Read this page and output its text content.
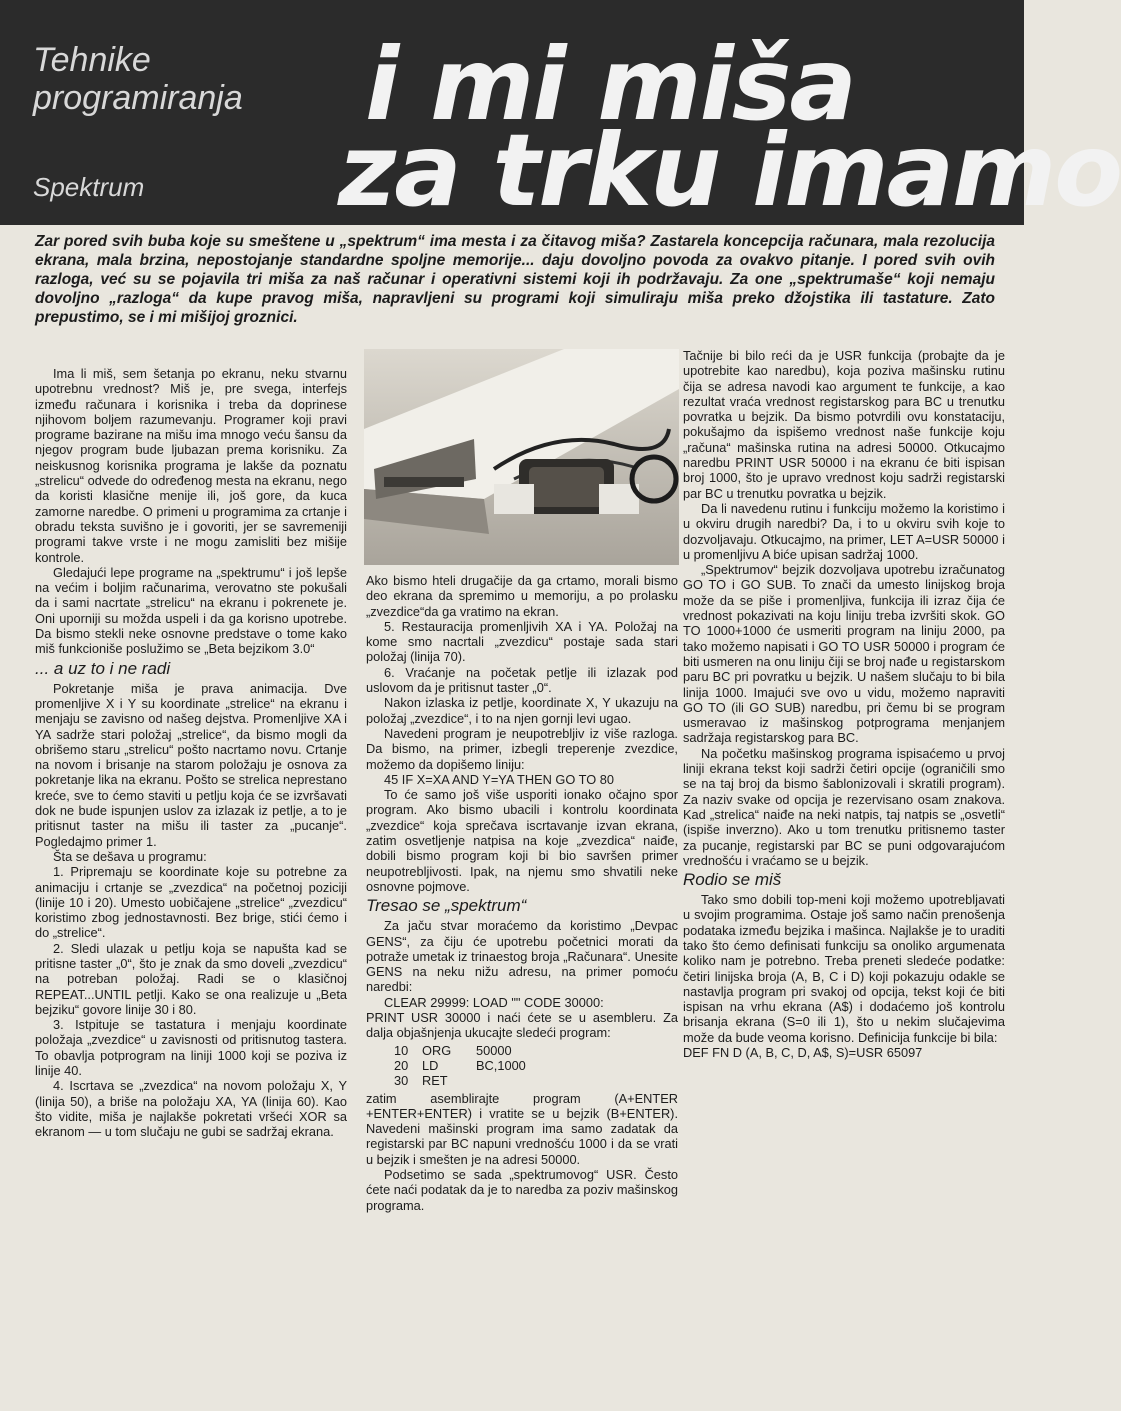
Tehnike
programiranja
Spektrum
i mi miša
za trku imamo
Zar pored svih buba koje su smeštene u „spektrum“ ima mesta i za čitavog miša? Zastarela koncepcija računara, mala rezolucija ekrana, mala brzina, nepostojanje standardne spoljne memorije... daju dovoljno povoda za ovakvo pitanje. I pored svih ovih razloga, već su se pojavila tri miša za naš računar i operativni sistemi koji ih podržavaju. Za one „spektrumaše“ koji nemaju dovoljno „razloga“ da kupe pravog miša, napravljeni su programi koji simuliraju miša preko džojstika ili tastature. Zato prepustimo, se i mi mišijoj groznici.

Ima li miš, sem šetanja po ekranu, neku stvarnu upotrebnu vrednost? Miš je, pre svega, interfejs između računara i korisnika i treba da doprinese njihovom boljem razumevanju. Programer koji pravi programe bazirane na mišu ima mnogo veću šansu da njegov program bude ljubazan prema korisniku. Za neiskusnog korisnika programa je lakše da poznatu „strelicu“ odvede do određenog mesta na ekranu, nego da koristi klasične menije ili, još gore, da kuca zamorne naredbe. O primeni u programima za crtanje i obradu teksta suvišno je i govoriti, jer se savremeniji programi takve vrste i ne mogu zamisliti bez mišije kontrole.

Gledajući lepe programe na „spektrumu“ i još lepše na većim i boljim računarima, verovatno ste pokušali da i sami nacrtate „strelicu“ na ekranu i pokrenete je. Oni uporniji su možda uspeli i da ga korisno upotrebe. Da bismo stekli neke osnovne predstave o tome kako miš funkcioniše poslužimo se „Beta bejzikom 3.0“

... a uz to i ne radi

Pokretanje miša je prava animacija. Dve promenljive X i Y su koordinate „strelice“ na ekranu i menjaju se zavisno od našeg dejstva. Promenljive XA i YA sadrže stari položaj „strelice“, da bismo mogli da obrišemo staru „strelicu“ pošto nacrtamo novu. Crtanje na novom i brisanje na starom položaju je osnova za pokretanje lika na ekranu. Pošto se strelica neprestano kreće, sve to ćemo staviti u petlju koja će se izvršavati dok ne bude ispunjen uslov za izlazak iz petlje, a to je pritisnut taster na mišu ili taster za „pucanje“. Pogledajmo primer 1.

Šta se dešava u programu:

1. Pripremaju se koordinate koje su potrebne za animaciju i crtanje se „zvezdica“ na početnoj poziciji (linije 10 i 20). Umesto uobičajene „strelice“ „zvezdicu“ koristimo zbog jednostavnosti. Bez brige, stići ćemo i do „strelice“.

2. Sledi ulazak u petlju koja se napušta kad se pritisne taster „0“, što je znak da smo doveli „zvezdicu“ na potreban položaj. Radi se o klasičnoj REPEAT...UNTIL petlji. Kako se ona realizuje u „Beta bejziku“ govore linije 30 i 80.

3. Istpituje se tastatura i menjaju koordinate položaja „zvezdice“ u zavisnosti od pritisnutog tastera. To obavlja potprogram na liniji 1000 koji se poziva iz linije 40.

4. Iscrtava se „zvezdica“ na novom položaju X, Y (linija 50), a briše na položaju XA, YA (linija 60). Kao što vidite, miša je najlakše pokretati vršeći XOR sa ekranom — u tom slučaju ne gubi se sadržaj ekrana.

Ako bismo hteli drugačije da ga crtamo, morali bismo deo ekrana da spremimo u memoriju, a po prolasku „zvezdice“da ga vratimo na ekran.

5. Restauracija promenljivih XA i YA. Položaj na kome smo nacrtali „zvezdicu“ postaje sada stari položaj (linija 70).

6. Vraćanje na početak petlje ili izlazak pod uslovom da je pritisnut taster „0“.

Nakon izlaska iz petlje, koordinate X, Y ukazuju na položaj „zvezdice“, i to na njen gornji levi ugao.

Navedeni program je neupotrebljiv iz više razloga. Da bismo, na primer, izbegli treperenje zvezdice, možemo da dopišemo liniju:

45 IF X=XA AND Y=YA THEN GO TO 80

To će samo još više usporiti ionako očajno spor program. Ako bismo ubacili i kontrolu koordinata „zvezdice“ koja sprečava iscrtavanje izvan ekrana, zatim osvetljenje natpisa na koje „zvezdica“ naiđe, dobili bismo program koji bi bio savršen primer neupotrebljivosti. Ipak, na njemu smo shvatili neke osnovne pojmove.

Tresao se „spektrum“

Za jaču stvar moraćemo da koristimo „Devpac GENS“, za čiju će upotrebu početnici morati da potraže umetak iz trinaestog broja „Računara“. Unesite GENS na neku nižu adresu, na primer pomoću naredbi:

CLEAR 29999: LOAD "" CODE 30000:

PRINT USR 30000 i naći ćete se u asembleru. Za dalja objašnjenja ukucajte sledeći program:

10 ORG 50000
20 LD	BC,1000
30 RET

zatim asemblirajte program (A+ENTER +ENTER+ENTER) i vratite se u bejzik (B+ENTER). Navedeni mašinski program ima samo zadatak da registarski par BC napuni vrednošću 1000 i da se vrati u bejzik i smešten je na adresi 50000.

Podsetimo se sada „spektrumovog“ USR. Često ćete naći podatak da je to naredba za poziv mašinskog programa.

Tačnije bi bilo reći da je USR funkcija (probajte da je upotrebite kao naredbu), koja poziva mašinsku rutinu čija se adresa navodi kao argument te funkcije, a kao rezultat vraća vrednost registarskog para BC u trenutku povratka u bejzik. Da bismo potvrdili ovu konstataciju, pokušajmo da ispišemo vrednost naše funkcije koju „računa“ mašinska rutina na adresi 50000. Otkucajmo naredbu PRINT USR 50000 i na ekranu će biti ispisan broj 1000, što je upravo vrednost koju sadrži registarski par BC u trenutku povratka u bejzik.

Da li navedenu rutinu i funkciju možemo la koristimo i u okviru drugih naredbi? Da, i to u okviru svih koje to dozvoljavaju. Otkucajmo, na primer, LET A=USR 50000 i u promenljivu A biće upisan sadržaj 1000.

„Spektrumov“ bejzik dozvoljava upotrebu izračunatog GO TO i GO SUB. To znači da umesto linijskog broja može da se piše i promenljiva, funkcija ili izraz čija će vrednost pokazivati na koju liniju treba izvršiti skok. GO TO 1000+1000 će usmeriti program na liniju 2000, pa tako možemo napisati i GO TO USR 50000 i program će biti usmeren na onu liniju čiji se broj nađe u registarskom paru BC pri povratku u bejzik. U našem slučaju to bi bila linija 1000. Imajući sve ovo u vidu, možemo napraviti GO TO (ili GO SUB) naredbu, pri čemu bi se program usmeravao iz mašinskog potprograma menjanjem sadržaja registarskog para BC.

Na početku mašinskog programa ispisaćemo u prvoj liniji ekrana tekst koji sadrži četiri opcije (ograničili smo se na taj broj da bismo šablonizovali i skratili program). Za naziv svake od opcija je rezervisano osam znakova. Kad „strelica“ naiđe na neki natpis, taj natpis se „osvetli“ (ispiše inverzno). Ako u tom trenutku pritisnemo taster za pucanje, registarski par BC se puni odgovarajućom vrednošću i vraćamo se u bejzik.

Rodio se miš

Tako smo dobili top-meni koji možemo upotrebljavati u svojim programima. Ostaje još samo način prenošenja podataka između bejzika i mašinca. Najlakše je to uraditi tako što ćemo definisati funkciju sa onoliko argumenata koliko nam je potrebno. Treba preneti sledeće podatke: četiri linijska broja (A, B, C i D) koji pokazuju odakle se nastavlja program pri svakoj od opcija, tekst koji će biti ispisan na vrhu ekrana (A$) i dodaćemo još kontrolu brisanja ekrana (S=0 ili 1), što u nekim slučajevima može da bude veoma korisno. Definicija funkcije bi bila:

DEF FN D (A, B, C, D, A$, S)=USR 65097
